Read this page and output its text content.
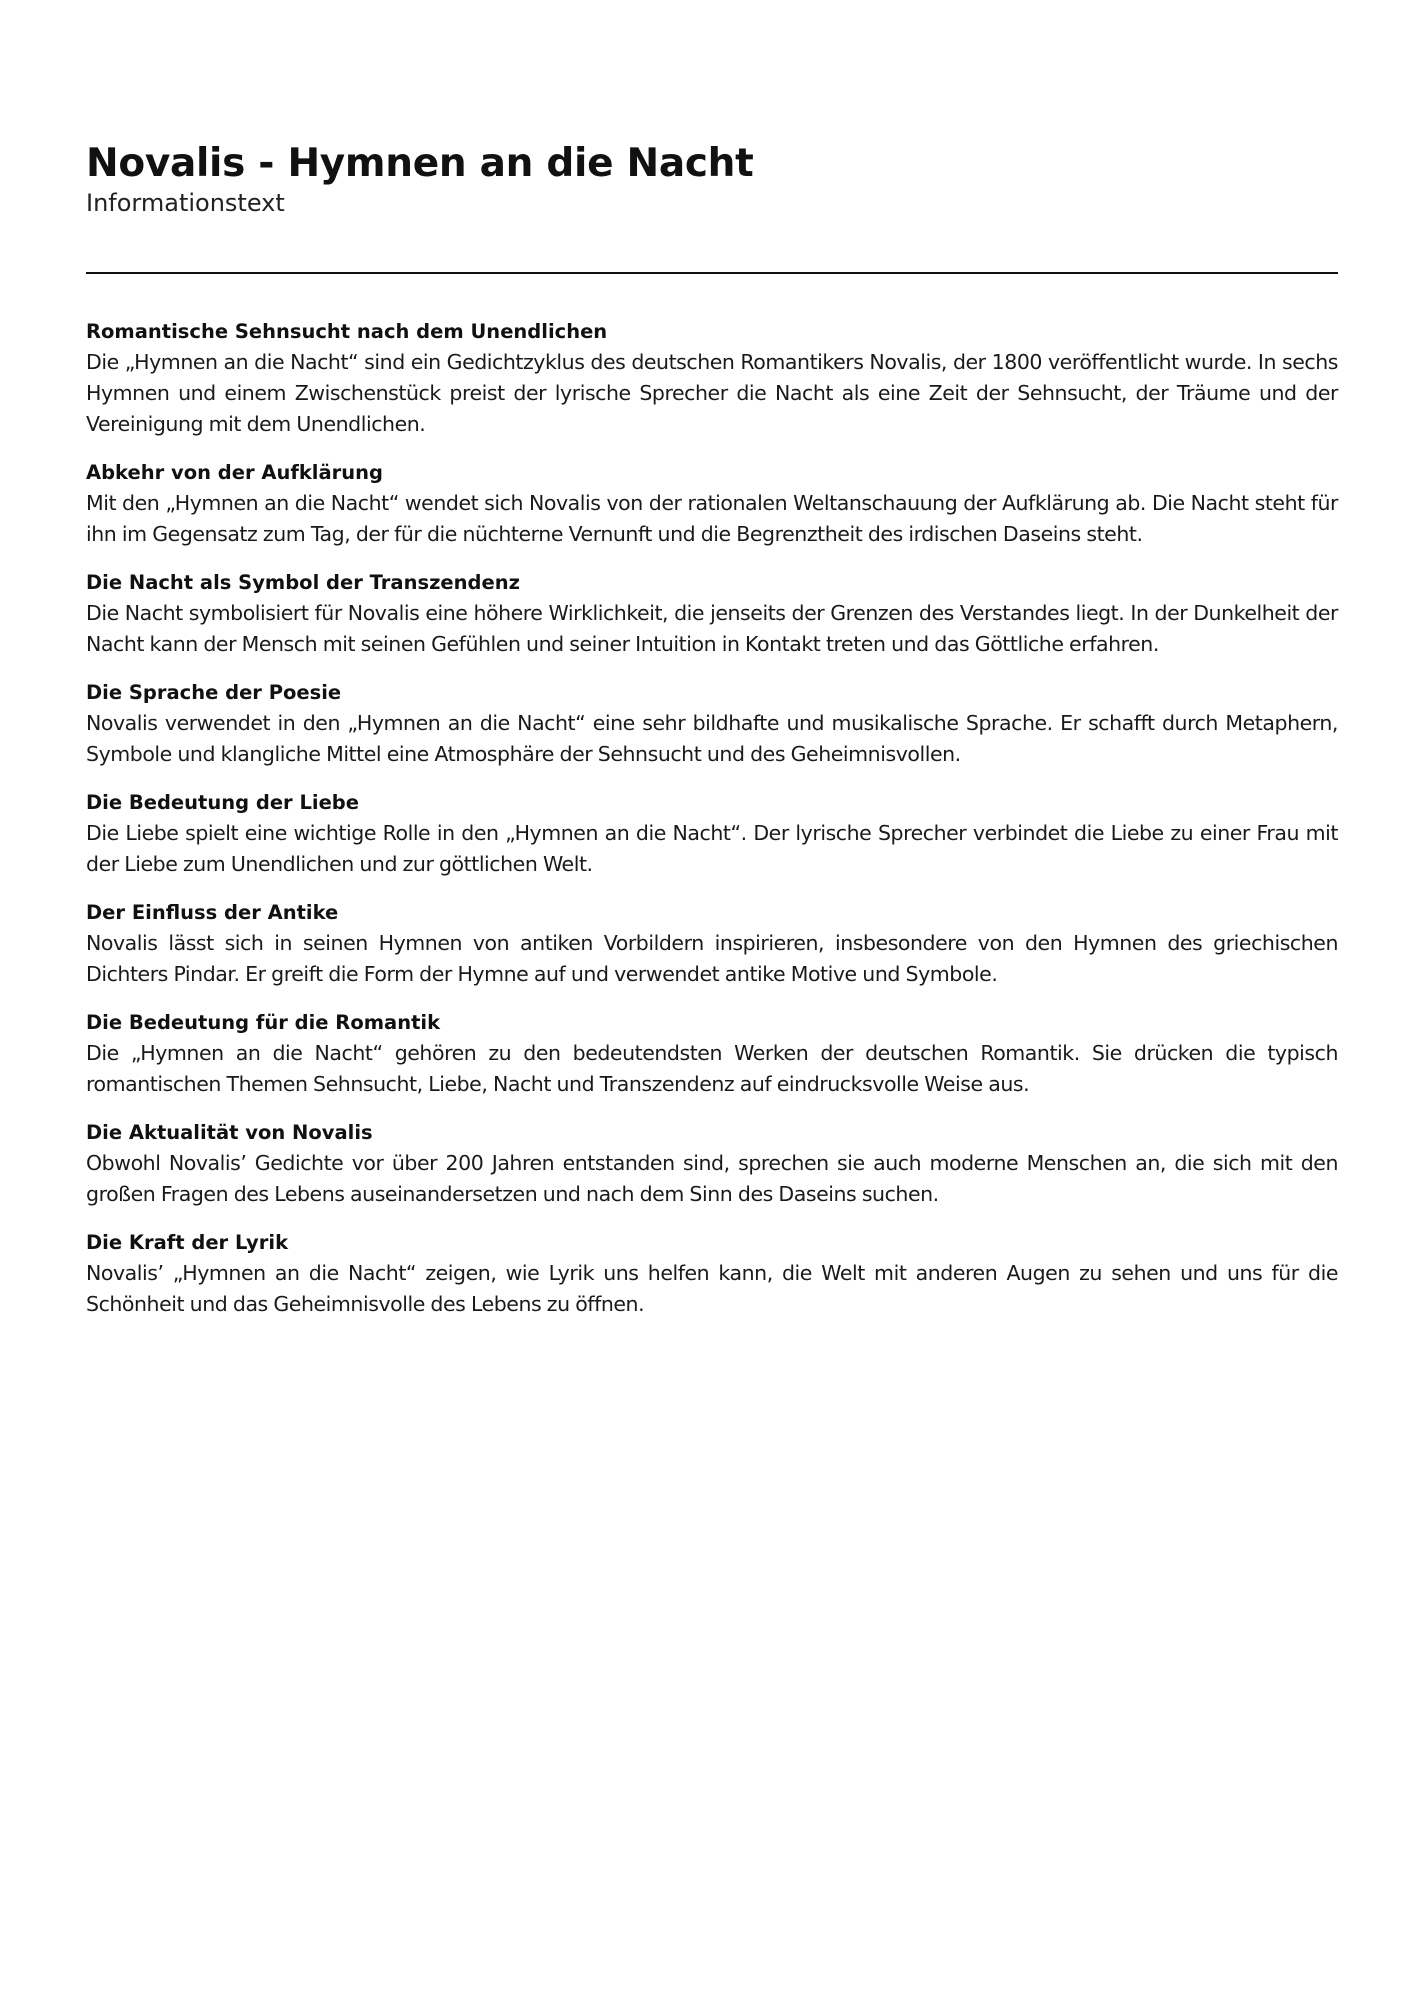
Novalis - Hymnen an die Nacht

Informationstext

Romantische Sehnsucht nach dem Unendlichen

Die „Hymnen an die Nacht“ sind ein Gedichtzyklus des deutschen Romantikers Novalis, der 1800 veröffentlicht wurde. In sechs Hymnen und einem Zwischenstück preist der lyrische Sprecher die Nacht als eine Zeit der Sehnsucht, der Träume und der Vereinigung mit dem Unendlichen.

Abkehr von der Aufklärung

Mit den „Hymnen an die Nacht“ wendet sich Novalis von der rationalen Weltanschauung der Aufklärung ab. Die Nacht steht für ihn im Gegensatz zum Tag, der für die nüchterne Vernunft und die Begrenztheit des irdischen Daseins steht.

Die Nacht als Symbol der Transzendenz

Die Nacht symbolisiert für Novalis eine höhere Wirklichkeit, die jenseits der Grenzen des Verstandes liegt. In der Dunkelheit der Nacht kann der Mensch mit seinen Gefühlen und seiner Intuition in Kontakt treten und das Göttliche erfahren.

Die Sprache der Poesie

Novalis verwendet in den „Hymnen an die Nacht“ eine sehr bildhafte und musikalische Sprache. Er schafft durch Metaphern, Symbole und klangliche Mittel eine Atmosphäre der Sehnsucht und des Geheimnisvollen.

Die Bedeutung der Liebe

Die Liebe spielt eine wichtige Rolle in den „Hymnen an die Nacht“. Der lyrische Sprecher verbindet die Liebe zu einer Frau mit der Liebe zum Unendlichen und zur göttlichen Welt.

Der Einfluss der Antike

Novalis lässt sich in seinen Hymnen von antiken Vorbildern inspirieren, insbesondere von den Hymnen des griechischen Dichters Pindar. Er greift die Form der Hymne auf und verwendet antike Motive und Symbole.

Die Bedeutung für die Romantik

Die „Hymnen an die Nacht“ gehören zu den bedeutendsten Werken der deutschen Romantik. Sie drücken die typisch romantischen Themen Sehnsucht, Liebe, Nacht und Transzendenz auf eindrucksvolle Weise aus.

Die Aktualität von Novalis

Obwohl Novalis’ Gedichte vor über 200 Jahren entstanden sind, sprechen sie auch moderne Menschen an, die sich mit den großen Fragen des Lebens auseinandersetzen und nach dem Sinn des Daseins suchen.

Die Kraft der Lyrik

Novalis’ „Hymnen an die Nacht“ zeigen, wie Lyrik uns helfen kann, die Welt mit anderen Augen zu sehen und uns für die Schönheit und das Geheimnisvolle des Lebens zu öffnen.
